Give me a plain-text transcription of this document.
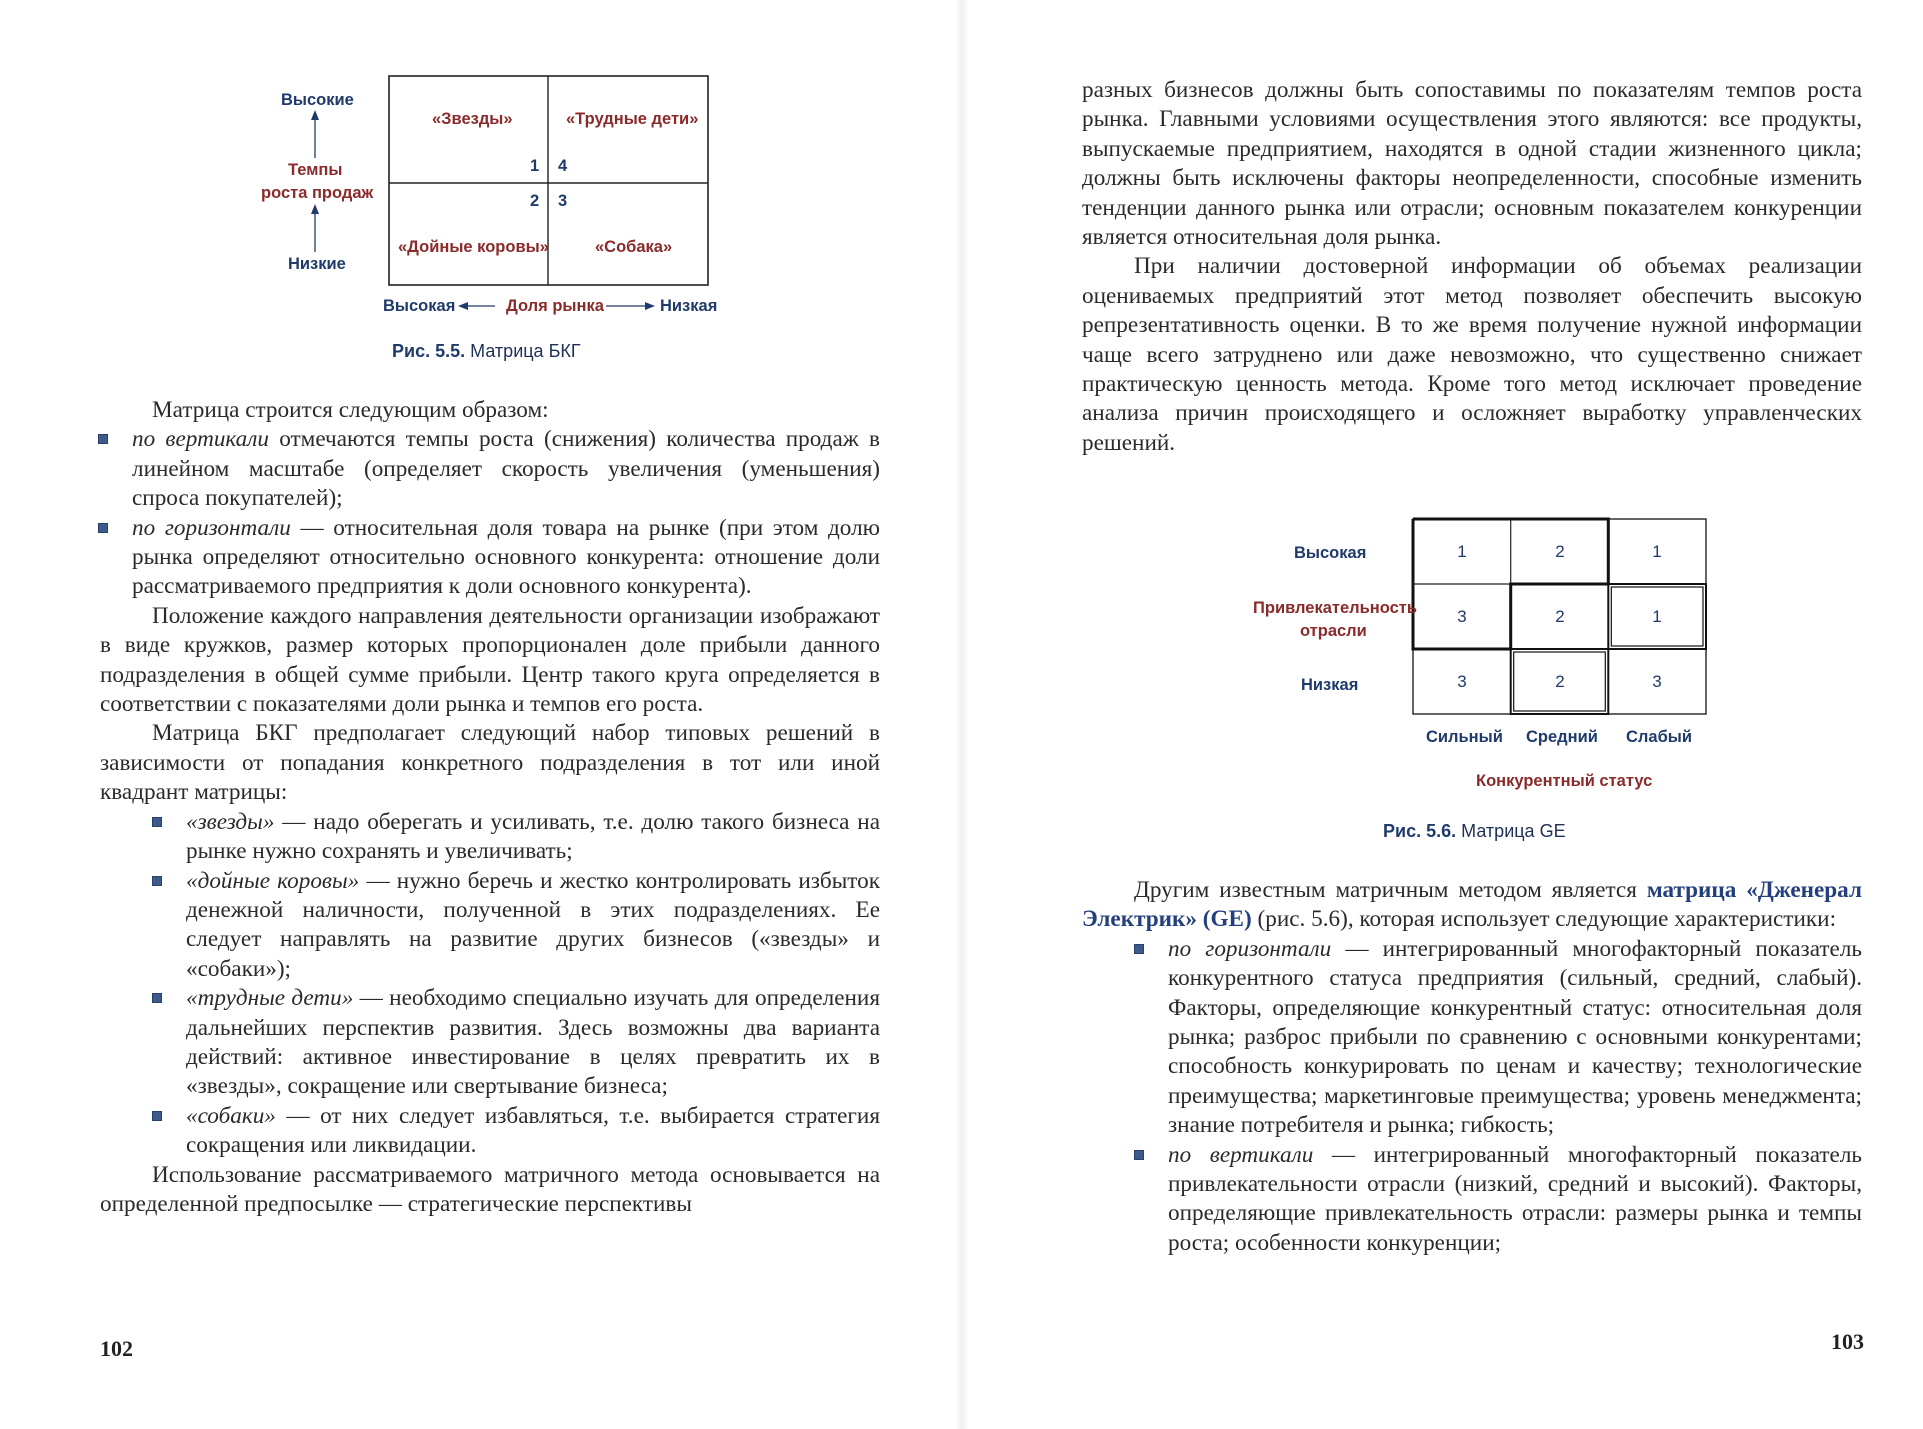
Высокие
Темпы
роста продаж
Низкие
«Звезды»	«Трудные дети»
«Дойные коровы»	«Собака»
1 4
2 3
Высокая	Доля рынка	Низкая
Рис. 5.5. Матрица БКГ

Матрица строится следующим образом:

по вертикали отмечаются темпы роста (снижения) количества продаж в линейном масштабе (определяет скорость увеличения (уменьшения) спроса покупателей);
по горизонтали — относительная доля товара на рынке (при этом долю рынка определяют относительно основного конкурента: отношение доли рассматриваемого предприятия к доли основного конкурента).

Положение каждого направления деятельности организации изображают в виде кружков, размер которых пропорционален доле прибыли данного подразделения в общей сумме прибыли. Центр такого круга определяется в соответствии с показателями доли рынка и темпов его роста.

Матрица БКГ предполагает следующий набор типовых решений в зависимости от попадания конкретного подразделения в тот или иной квадрант матрицы:

«звезды» — надо оберегать и усиливать, т.е. долю такого бизнеса на рынке нужно сохранять и увеличивать;
«дойные коровы» — нужно беречь и жестко контролировать избыток денежной наличности, полученной в этих подразделениях. Ее следует направлять на развитие других бизнесов («звезды» и «собаки»);
«трудные дети» — необходимо специально изучать для определения дальнейших перспектив развития. Здесь возможны два варианта действий: активное инвестирование в целях превратить их в «звезды», сокращение или свертывание бизнеса;
«собаки» — от них следует избавляться, т.е. выбирается стратегия сокращения или ликвидации.

Использование рассматриваемого матричного метода основывается на определенной предпосылке — стратегические перспективы

102

разных бизнесов должны быть сопоставимы по показателям темпов роста рынка. Главными условиями осуществления этого являются: все продукты, выпускаемые предприятием, находятся в одной стадии жизненного цикла; должны быть исключены факторы неопределенности, способные изменить тенденции данного рынка или отрасли; основным показателем конкуренции является относительная доля рынка.

При наличии достоверной информации об объемах реализации оцениваемых предприятий этот метод позволяет обеспечить высокую репрезентативность оценки. В то же время получение нужной информации чаще всего затруднено или даже невозможно, что существенно снижает практическую ценность метода. Кроме того метод исключает проведение анализа причин происходящего и осложняет выработку управленческих решений.

1	2	1
3	2	1
3	2	3
Высокая
Привлекательность
отрасли
Низкая
Сильный Средний Слабый
Конкурентный статус
Рис. 5.6. Матрица GE

Другим известным матричным методом является матрица «Дженерал Электрик» (GE) (рис. 5.6), которая использует следующие характеристики:

по горизонтали — интегрированный многофакторный показатель конкурентного статуса предприятия (сильный, средний, слабый). Факторы, определяющие конкурентный статус: относительная доля рынка; разброс прибыли по сравнению с основными конкурентами; способность конкурировать по ценам и качеству; технологические преимущества; маркетинговые преимущества; уровень менеджмента; знание потребителя и рынка; гибкость;
по вертикали — интегрированный многофакторный показатель привлекательности отрасли (низкий, средний и высокий). Факторы, определяющие привлекательность отрасли: размеры рынка и темпы роста; особенности конкуренции;
103
